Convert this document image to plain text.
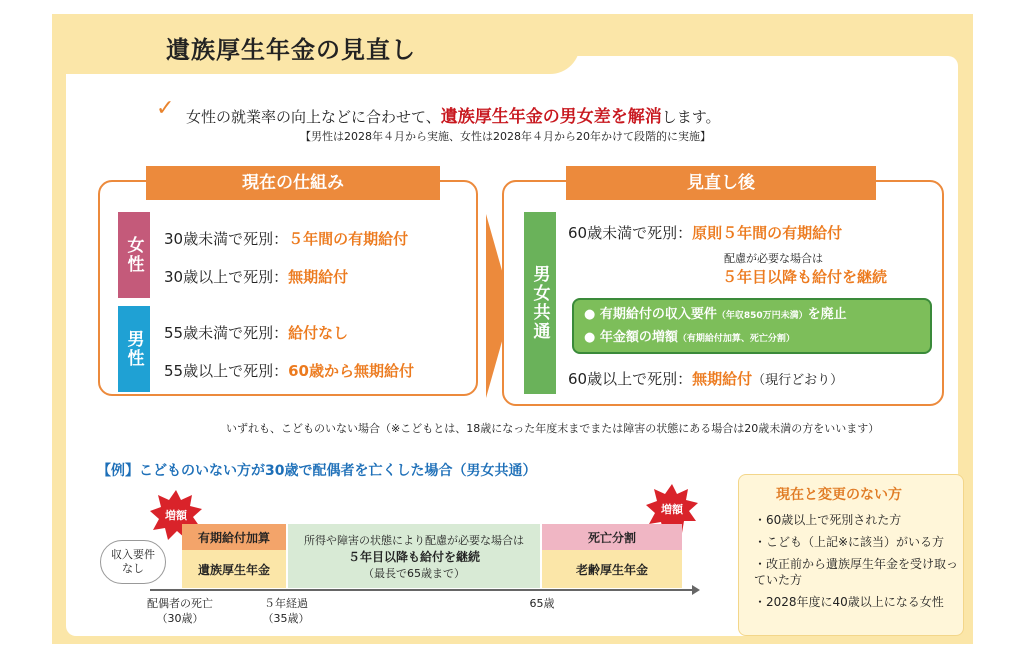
遺族厚生年金の見直し
✓ 女性の就業率の向上などに合わせて、遺族厚生年金の男女差を解消します。
【男性は2028年４月から実施、女性は2028年４月から20年かけて段階的に実施】
現在の仕組み
女性
男性
30歳未満で死別：５年間の有期給付
30歳以上で死別：無期給付
55歳未満で死別：給付なし
55歳以上で死別：60歳から無期給付
見直し後
男女共通
60歳未満で死別：原則５年間の有期給付
配慮が必要な場合は
５年目以降も給付を継続
● 有期給付の収入要件（年収850万円未満）を廃止
● 年金額の増額（有期給付加算、死亡分割）
60歳以上で死別：無期給付（現行どおり）
いずれも、こどものいない場合（※こどもとは、18歳になった年度末までまたは障害の状態にある場合は20歳未満の方をいいます）
【例】こどものいない方が30歳で配偶者を亡くした場合（男女共通）
増額	増額
収入要件なし
有期給付加算
遺族厚生年金
所得や障害の状態により配慮が必要な場合は
５年目以降も給付を継続
（最長で65歳まで）
死亡分割
老齢厚生年金
配偶者の死亡
（30歳）
５年経過
（35歳）
65歳
現在と変更のない方
・60歳以上で死別された方
・こども（上記※に該当）がいる方
・改正前から遺族厚生年金を受け取っていた方
・2028年度に40歳以上になる女性
